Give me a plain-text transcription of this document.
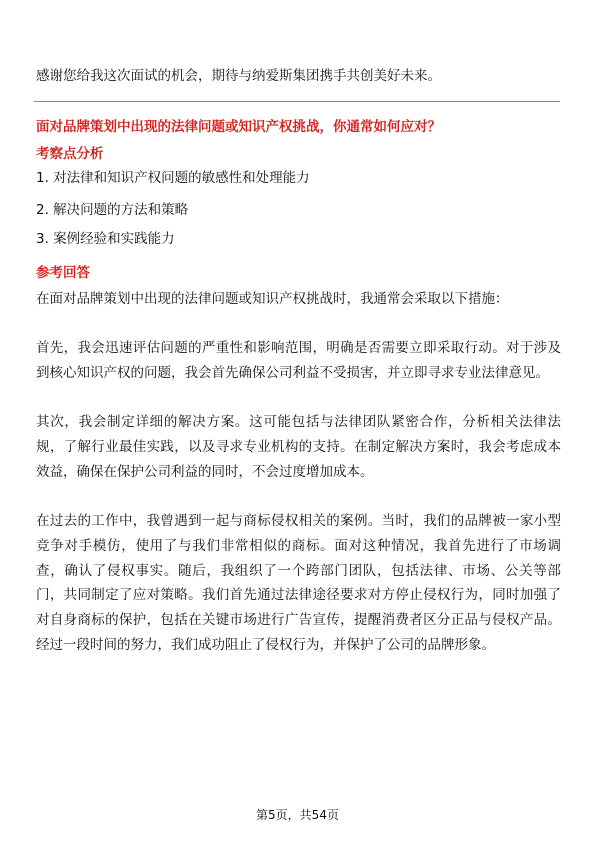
感谢您给我这次面试的机会，期待与纳爱斯集团携手共创美好未来。
面对品牌策划中出现的法律问题或知识产权挑战，你通常如何应对？
考察点分析
1. 对法律和知识产权问题的敏感性和处理能力
2. 解决问题的方法和策略
3. 案例经验和实践能力
参考回答

在面对品牌策划中出现的法律问题或知识产权挑战时，我通常会采取以下措施：

首先，我会迅速评估问题的严重性和影响范围，明确是否需要立即采取行动。对于涉及到核心知识产权的问题，我会首先确保公司利益不受损害，并立即寻求专业法律意见。

其次，我会制定详细的解决方案。这可能包括与法律团队紧密合作，分析相关法律法规，了解行业最佳实践，以及寻求专业机构的支持。在制定解决方案时，我会考虑成本效益，确保在保护公司利益的同时，不会过度增加成本。

在过去的工作中，我曾遇到一起与商标侵权相关的案例。当时，我们的品牌被一家小型竞争对手模仿，使用了与我们非常相似的商标。面对这种情况，我首先进行了市场调查，确认了侵权事实。随后，我组织了一个跨部门团队，包括法律、市场、公关等部门，共同制定了应对策略。我们首先通过法律途径要求对方停止侵权行为，同时加强了对自身商标的保护，包括在关键市场进行广告宣传，提醒消费者区分正品与侵权产品。经过一段时间的努力，我们成功阻止了侵权行为，并保护了公司的品牌形象。

第5页，共54页
